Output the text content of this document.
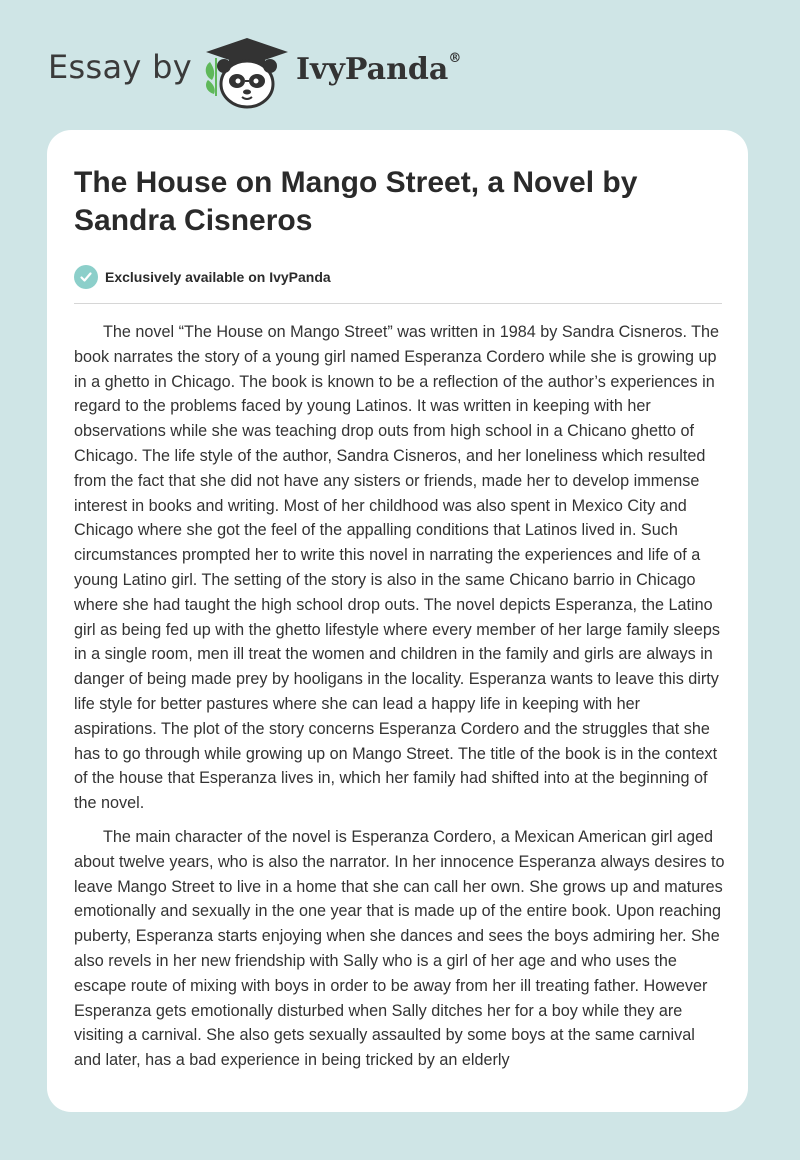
Essay by	IvyPanda®
The House on Mango Street, a Novel by Sandra Cisneros
Exclusively available on IvyPanda

The novel “The House on Mango Street” was written in 1984 by Sandra Cisneros. The book narrates the story of a young girl named Esperanza Cordero while she is growing up in a ghetto in Chicago. The book is known to be a reflection of the author’s experiences in regard to the problems faced by young Latinos. It was written in keeping with her observations while she was teaching drop outs from high school in a Chicano ghetto of Chicago. The life style of the author, Sandra Cisneros, and her loneliness which resulted from the fact that she did not have any sisters or friends, made her to develop immense interest in books and writing. Most of her childhood was also spent in Mexico City and Chicago where she got the feel of the appalling conditions that Latinos lived in. Such circumstances prompted her to write this novel in narrating the experiences and life of a young Latino girl. The setting of the story is also in the same Chicano barrio in Chicago where she had taught the high school drop outs. The novel depicts Esperanza, the Latino girl as being fed up with the ghetto lifestyle where every member of her large family sleeps in a single room, men ill treat the women and children in the family and girls are always in danger of being made prey by hooligans in the locality. Esperanza wants to leave this dirty life style for better pastures where she can lead a happy life in keeping with her aspirations. The plot of the story concerns Esperanza Cordero and the struggles that she has to go through while growing up on Mango Street. The title of the book is in the context of the house that Esperanza lives in, which her family had shifted into at the beginning of the novel.

The main character of the novel is Esperanza Cordero, a Mexican American girl aged about twelve years, who is also the narrator. In her innocence Esperanza always desires to leave Mango Street to live in a home that she can call her own. She grows up and matures emotionally and sexually in the one year that is made up of the entire book. Upon reaching puberty, Esperanza starts enjoying when she dances and sees the boys admiring her. She also revels in her new friendship with Sally who is a girl of her age and who uses the escape route of mixing with boys in order to be away from her ill treating father. However Esperanza gets emotionally disturbed when Sally ditches her for a boy while they are visiting a carnival. She also gets sexually assaulted by some boys at the same carnival and later, has a bad experience in being tricked by an elderly
